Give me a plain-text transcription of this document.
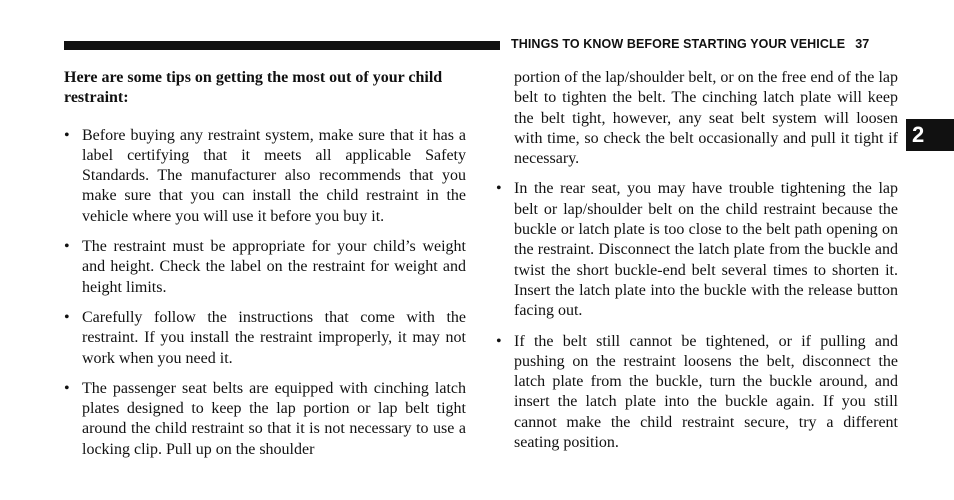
THINGS TO KNOW BEFORE STARTING YOUR VEHICLE 37
2

Here are some tips on getting the most out of your child restraint:

• Before buying any restraint system, make sure that it has a label certifying that it meets all applicable Safety Standards. The manufacturer also recommends that you make sure that you can install the child restraint in the vehicle where you will use it before you buy it.
• The restraint must be appropriate for your child’s weight and height. Check the label on the restraint for weight and height limits.
• Carefully follow the instructions that come with the restraint. If you install the restraint improperly, it may not work when you need it.
• The passenger seat belts are equipped with cinching latch plates designed to keep the lap portion or lap belt tight around the child restraint so that it is not necessary to use a locking clip. Pull up on the shoulder

portion of the lap/shoulder belt, or on the free end of the lap belt to tighten the belt. The cinching latch plate will keep the belt tight, however, any seat belt system will loosen with time, so check the belt occasionally and pull it tight if necessary.

• In the rear seat, you may have trouble tightening the lap belt or lap/shoulder belt on the child restraint because the buckle or latch plate is too close to the belt path opening on the restraint. Disconnect the latch plate from the buckle and twist the short buckle-end belt several times to shorten it. Insert the latch plate into the buckle with the release button facing out.
• If the belt still cannot be tightened, or if pulling and pushing on the restraint loosens the belt, disconnect the latch plate from the buckle, turn the buckle around, and insert the latch plate into the buckle again. If you still cannot make the child restraint secure, try a different seating position.
